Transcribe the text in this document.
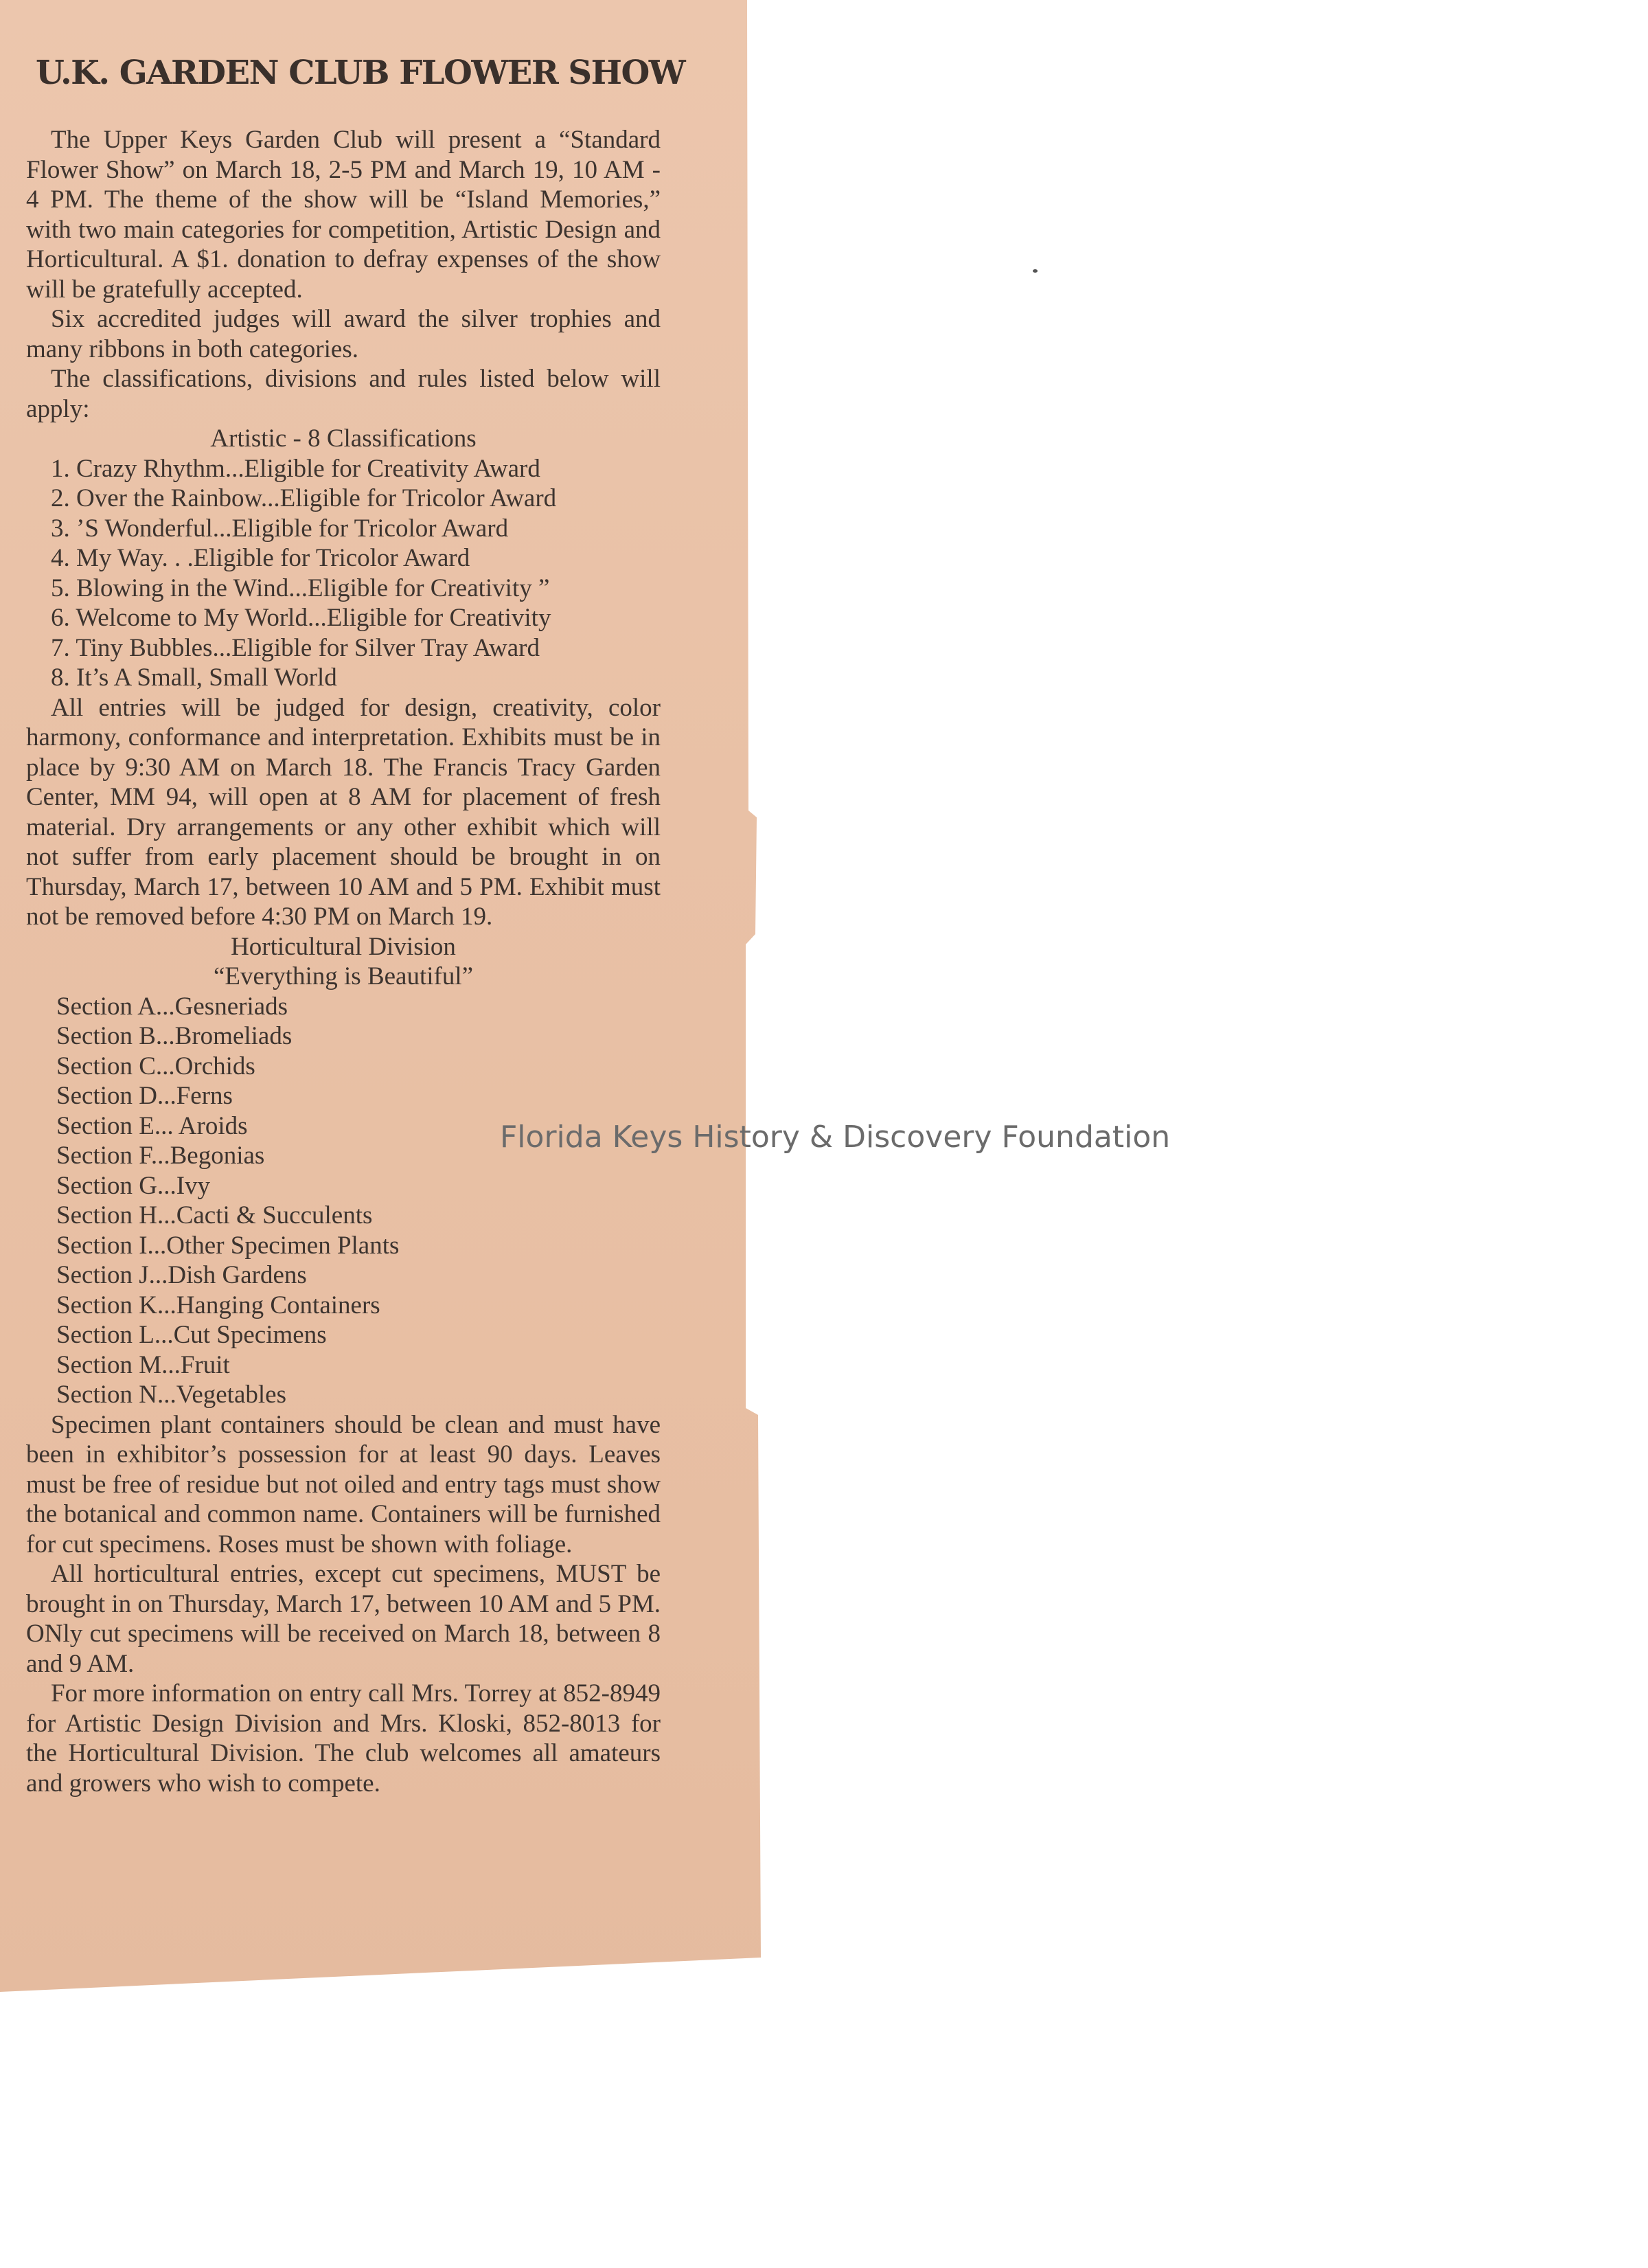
U.K. GARDEN CLUB FLOWER SHOW

The Upper Keys Garden Club will present a “Standard Flower Show” on March 18, 2-5 PM and March 19, 10 AM - 4 PM. The theme of the show will be “Island Memories,” with two main categories for competition, Artistic Design and Horticultural. A $1. donation to defray expenses of the show will be gratefully accepted.

Six accredited judges will award the silver trophies and many ribbons in both categories.

The classifications, divisions and rules listed below will apply:

Artistic - 8 Classifications
1. Crazy Rhythm...Eligible for Creativity Award
2. Over the Rainbow...Eligible for Tricolor Award
3. ’S Wonderful...Eligible for Tricolor Award
4. My Way. . .Eligible for Tricolor Award
5. Blowing in the Wind...Eligible for Creativity ”
6. Welcome to My World...Eligible for Creativity
7. Tiny Bubbles...Eligible for Silver Tray Award
8. It’s A Small, Small World

All entries will be judged for design, creativity, color harmony, conformance and interpretation. Exhibits must be in place by 9:30 AM on March 18. The Francis Tracy Garden Center, MM 94, will open at 8 AM for placement of fresh material. Dry arrangements or any other exhibit which will not suffer from early placement should be brought in on Thursday, March 17, between 10 AM and 5 PM. Exhibit must not be removed before 4:30 PM on March 19.

Horticultural Division
“Everything is Beautiful”
Section A...Gesneriads
Section B...Bromeliads
Section C...Orchids
Section D...Ferns
Section E... Aroids
Section F...Begonias
Section G...Ivy
Section H...Cacti & Succulents
Section I...Other Specimen Plants
Section J...Dish Gardens
Section K...Hanging Containers
Section L...Cut Specimens
Section M...Fruit
Section N...Vegetables

Specimen plant containers should be clean and must have been in exhibitor’s possession for at least 90 days. Leaves must be free of residue but not oiled and entry tags must show the botanical and common name. Containers will be furnished for cut specimens. Roses must be shown with foliage.

All horticultural entries, except cut specimens, MUST be brought in on Thursday, March 17, between 10 AM and 5 PM. ONly cut specimens will be received on March 18, between 8 and 9 AM.

For more information on entry call Mrs. Torrey at 852-8949 for Artistic Design Division and Mrs. Kloski, 852-8013 for the Horticultural Division. The club welcomes all amateurs and growers who wish to compete.

Florida Keys History & Discovery Foundation
